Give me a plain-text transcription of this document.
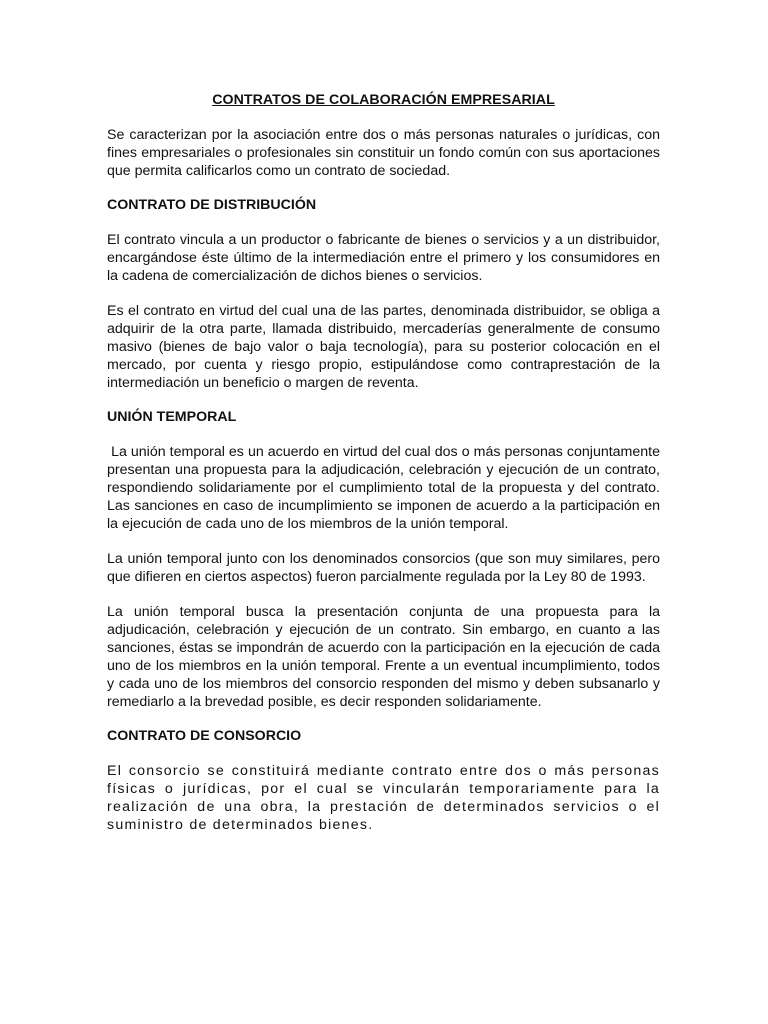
CONTRATOS DE COLABORACIÓN EMPRESARIAL

Se caracterizan por la asociación entre dos o más personas naturales o jurídicas, con fines empresariales o profesionales sin constituir un fondo común con sus aportaciones que permita calificarlos como un contrato de sociedad.

CONTRATO DE DISTRIBUCIÓN

El contrato vincula a un productor o fabricante de bienes o servicios y a un distribuidor, encargándose éste último de la intermediación entre el primero y los consumidores en la cadena de comercialización de dichos bienes o servicios.

Es el contrato en virtud del cual una de las partes, denominada distribuidor, se obliga a adquirir de la otra parte, llamada distribuido, mercaderías generalmente de consumo masivo (bienes de bajo valor o baja tecnología), para su posterior colocación en el mercado, por cuenta y riesgo propio, estipulándose como contraprestación de la intermediación un beneficio o margen de reventa.

UNIÓN TEMPORAL

La unión temporal es un acuerdo en virtud del cual dos o más personas conjuntamente presentan una propuesta para la adjudicación, celebración y ejecución de un contrato, respondiendo solidariamente por el cumplimiento total de la propuesta y del contrato. Las sanciones en caso de incumplimiento se imponen de acuerdo a la participación en la ejecución de cada uno de los miembros de la unión temporal.

La unión temporal junto con los denominados consorcios (que son muy similares, pero que difieren en ciertos aspectos) fueron parcialmente regulada por la Ley 80 de 1993.

La unión temporal busca la presentación conjunta de una propuesta para la adjudicación, celebración y ejecución de un contrato. Sin embargo, en cuanto a las sanciones, éstas se impondrán de acuerdo con la participación en la ejecución de cada uno de los miembros en la unión temporal. Frente a un eventual incumplimiento, todos y cada uno de los miembros del consorcio responden del mismo y deben subsanarlo y remediarlo a la brevedad posible, es decir responden solidariamente.

CONTRATO DE CONSORCIO

El consorcio se constituirá mediante contrato entre dos o más personas físicas o jurídicas, por el cual se vincularán temporariamente para la realización de una obra, la prestación de determinados servicios o el suministro de determinados bienes.
